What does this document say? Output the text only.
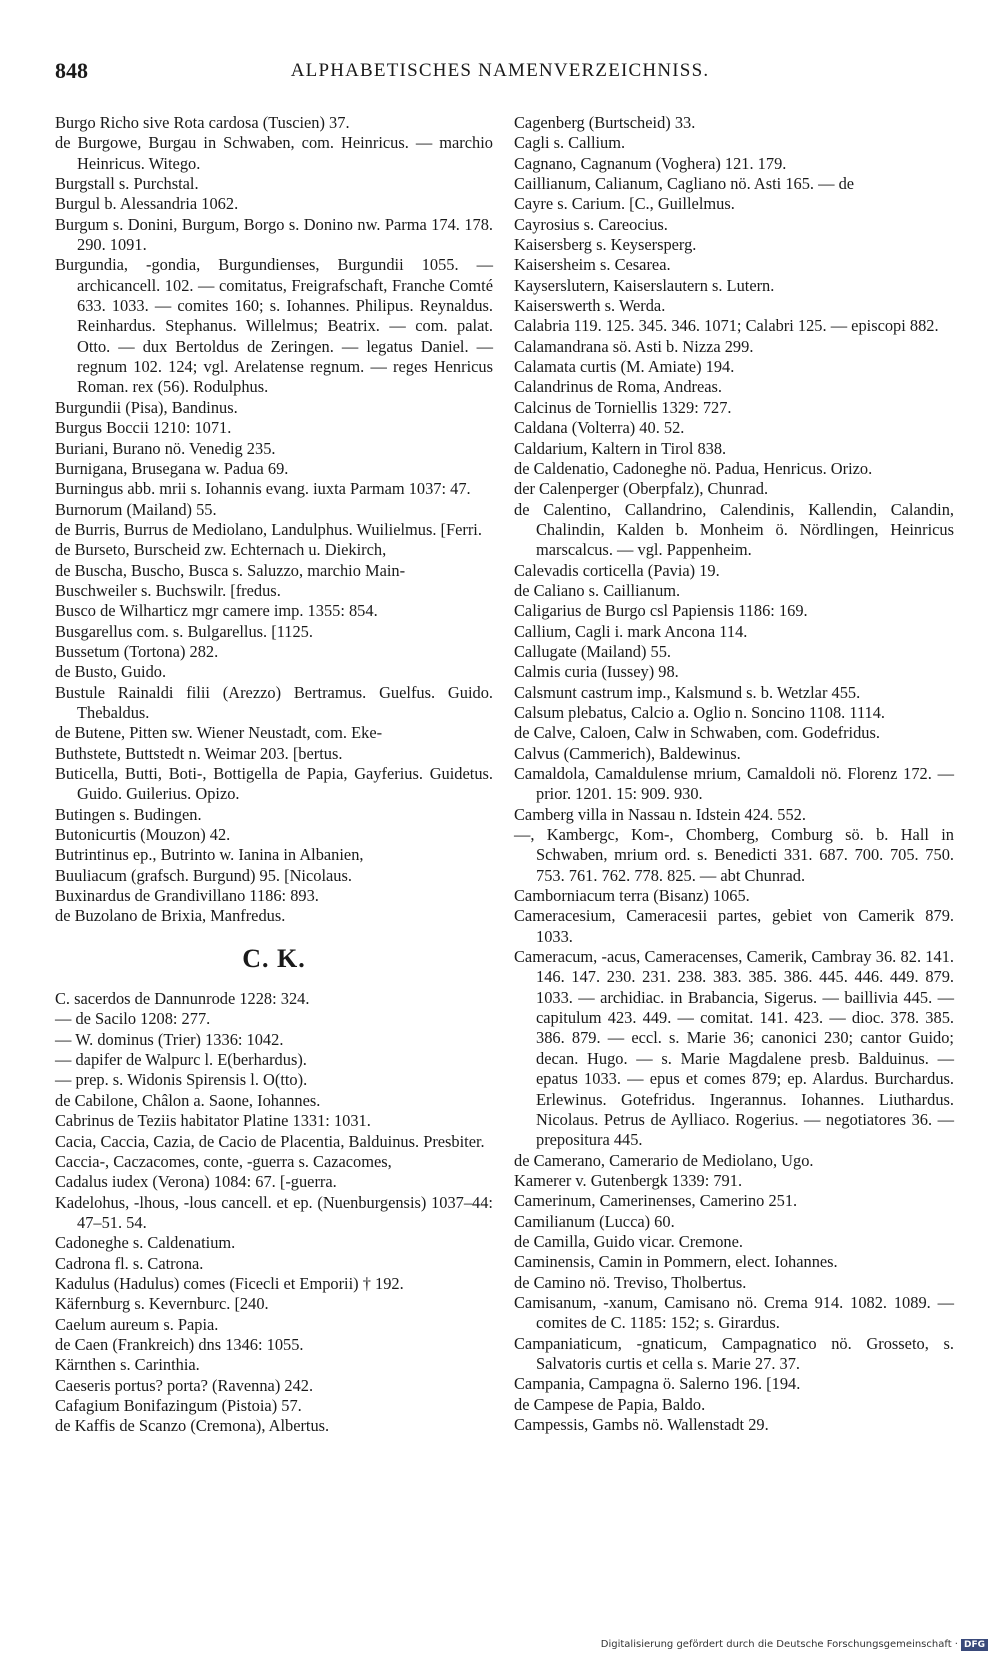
848	ALPHABETISCHES NAMENVERZEICHNISS.

Burgo Richo sive Rota cardosa (Tuscien) 37.

de Burgowe, Burgau in Schwaben, com. Heinricus. — marchio Heinricus. Witego.

Burgstall s. Purchstal.

Burgul b. Alessandria 1062.

Burgum s. Donini, Burgum, Borgo s. Donino nw. Parma 174. 178. 290. 1091.

Burgundia, -gondia, Burgundienses, Burgundii 1055. — archicancell. 102. — comitatus, Freigrafschaft, Franche Comté 633. 1033. — comites 160; s. Iohannes. Philipus. Reynaldus. Reinhardus. Stephanus. Willelmus; Beatrix. — com. palat. Otto. — dux Bertoldus de Zeringen. — legatus Daniel. — regnum 102. 124; vgl. Arelatense regnum. — reges Henricus Roman. rex (56). Rodulphus.

Burgundii (Pisa), Bandinus.

Burgus Boccii 1210: 1071.

Buriani, Burano nö. Venedig 235.

Burnigana, Brusegana w. Padua 69.

Burningus abb. mrii s. Iohannis evang. iuxta Parmam 1037: 47.

Burnorum (Mailand) 55.

de Burris, Burrus de Mediolano, Landulphus. Wuilielmus. [Ferri.

de Burseto, Burscheid zw. Echternach u. Diekirch,

de Buscha, Buscho, Busca s. Saluzzo, marchio Main-

Buschweiler s. Buchswilr. [fredus.

Busco de Wilharticz mgr camere imp. 1355: 854.

Busgarellus com. s. Bulgarellus. [1125.

Bussetum (Tortona) 282.

de Busto, Guido.

Bustule Rainaldi filii (Arezzo) Bertramus. Guelfus. Guido. Thebaldus.

de Butene, Pitten sw. Wiener Neustadt, com. Eke-

Buthstete, Buttstedt n. Weimar 203. [bertus.

Buticella, Butti, Boti-, Bottigella de Papia, Gayferius. Guidetus. Guido. Guilerius. Opizo.

Butingen s. Budingen.

Butonicurtis (Mouzon) 42.

Butrintinus ep., Butrinto w. Ianina in Albanien,

Buuliacum (grafsch. Burgund) 95. [Nicolaus.

Buxinardus de Grandivillano 1186: 893.

de Buzolano de Brixia, Manfredus.

C. K.

C. sacerdos de Dannunrode 1228: 324.

— de Sacilo 1208: 277.

— W. dominus (Trier) 1336: 1042.

— dapifer de Walpurc l. E(berhardus).

— prep. s. Widonis Spirensis l. O(tto).

de Cabilone, Châlon a. Saone, Iohannes.

Cabrinus de Teziis habitator Platine 1331: 1031.

Cacia, Caccia, Cazia, de Cacio de Placentia, Balduinus. Presbiter.

Caccia-, Caczacomes, conte, -guerra s. Cazacomes,

Cadalus iudex (Verona) 1084: 67. [-guerra.

Kadelohus, -lhous, -lous cancell. et ep. (Nuenburgensis) 1037–44: 47–51. 54.

Cadoneghe s. Caldenatium.

Cadrona fl. s. Catrona.

Kadulus (Hadulus) comes (Ficecli et Emporii) † 192.

Käfernburg s. Kevernburc. [240.

Caelum aureum s. Papia.

de Caen (Frankreich) dns 1346: 1055.

Kärnthen s. Carinthia.

Caeseris portus? porta? (Ravenna) 242.

Cafagium Bonifazingum (Pistoia) 57.

de Kaffis de Scanzo (Cremona), Albertus.

Cagenberg (Burtscheid) 33.

Cagli s. Callium.

Cagnano, Cagnanum (Voghera) 121. 179.

Caillianum, Calianum, Cagliano nö. Asti 165. — de

Cayre s. Carium. [C., Guillelmus.

Cayrosius s. Careocius.

Kaisersberg s. Keysersperg.

Kaisersheim s. Cesarea.

Kayserslutern, Kaiserslautern s. Lutern.

Kaiserswerth s. Werda.

Calabria 119. 125. 345. 346. 1071; Calabri 125. — episcopi 882.

Calamandrana sö. Asti b. Nizza 299.

Calamata curtis (M. Amiate) 194.

Calandrinus de Roma, Andreas.

Calcinus de Torniellis 1329: 727.

Caldana (Volterra) 40. 52.

Caldarium, Kaltern in Tirol 838.

de Caldenatio, Cadoneghe nö. Padua, Henricus. Orizo.

der Calenperger (Oberpfalz), Chunrad.

de Calentino, Callandrino, Calendinis, Kallendin, Calandin, Chalindin, Kalden b. Monheim ö. Nördlingen, Heinricus marscalcus. — vgl. Pappenheim.

Calevadis corticella (Pavia) 19.

de Caliano s. Caillianum.

Caligarius de Burgo csl Papiensis 1186: 169.

Callium, Cagli i. mark Ancona 114.

Callugate (Mailand) 55.

Calmis curia (Iussey) 98.

Calsmunt castrum imp., Kalsmund s. b. Wetzlar 455.

Calsum plebatus, Calcio a. Oglio n. Soncino 1108. 1114.

de Calve, Caloen, Calw in Schwaben, com. Godefridus.

Calvus (Cammerich), Baldewinus.

Camaldola, Camaldulense mrium, Camaldoli nö. Florenz 172. — prior. 1201. 15: 909. 930.

Camberg villa in Nassau n. Idstein 424. 552.

—, Kambergc, Kom-, Chomberg, Comburg sö. b. Hall in Schwaben, mrium ord. s. Benedicti 331. 687. 700. 705. 750. 753. 761. 762. 778. 825. — abt Chunrad.

Camborniacum terra (Bisanz) 1065.

Cameracesium, Cameracesii partes, gebiet von Camerik 879. 1033.

Cameracum, -acus, Cameracenses, Camerik, Cambray 36. 82. 141. 146. 147. 230. 231. 238. 383. 385. 386. 445. 446. 449. 879. 1033. — archidiac. in Brabancia, Sigerus. — baillivia 445. — capitulum 423. 449. — comitat. 141. 423. — dioc. 378. 385. 386. 879. — eccl. s. Marie 36; canonici 230; cantor Guido; decan. Hugo. — s. Marie Magdalene presb. Balduinus. — epatus 1033. — epus et comes 879; ep. Alardus. Burchardus. Erlewinus. Gotefridus. Ingerannus. Iohannes. Liuthardus. Nicolaus. Petrus de Aylliaco. Rogerius. — negotiatores 36. — prepositura 445.

de Camerano, Camerario de Mediolano, Ugo.

Kamerer v. Gutenbergk 1339: 791.

Camerinum, Camerinenses, Camerino 251.

Camilianum (Lucca) 60.

de Camilla, Guido vicar. Cremone.

Caminensis, Camin in Pommern, elect. Iohannes.

de Camino nö. Treviso, Tholbertus.

Camisanum, -xanum, Camisano nö. Crema 914. 1082. 1089. — comites de C. 1185: 152; s. Girardus.

Campaniaticum, -gnaticum, Campagnatico nö. Grosseto, s. Salvatoris curtis et cella s. Marie 27. 37.

Campania, Campagna ö. Salerno 196. [194.

de Campese de Papia, Baldo.

Campessis, Gambs nö. Wallenstadt 29.

Digitalisierung gefördert durch die Deutsche Forschungsgemeinschaft · DFG
